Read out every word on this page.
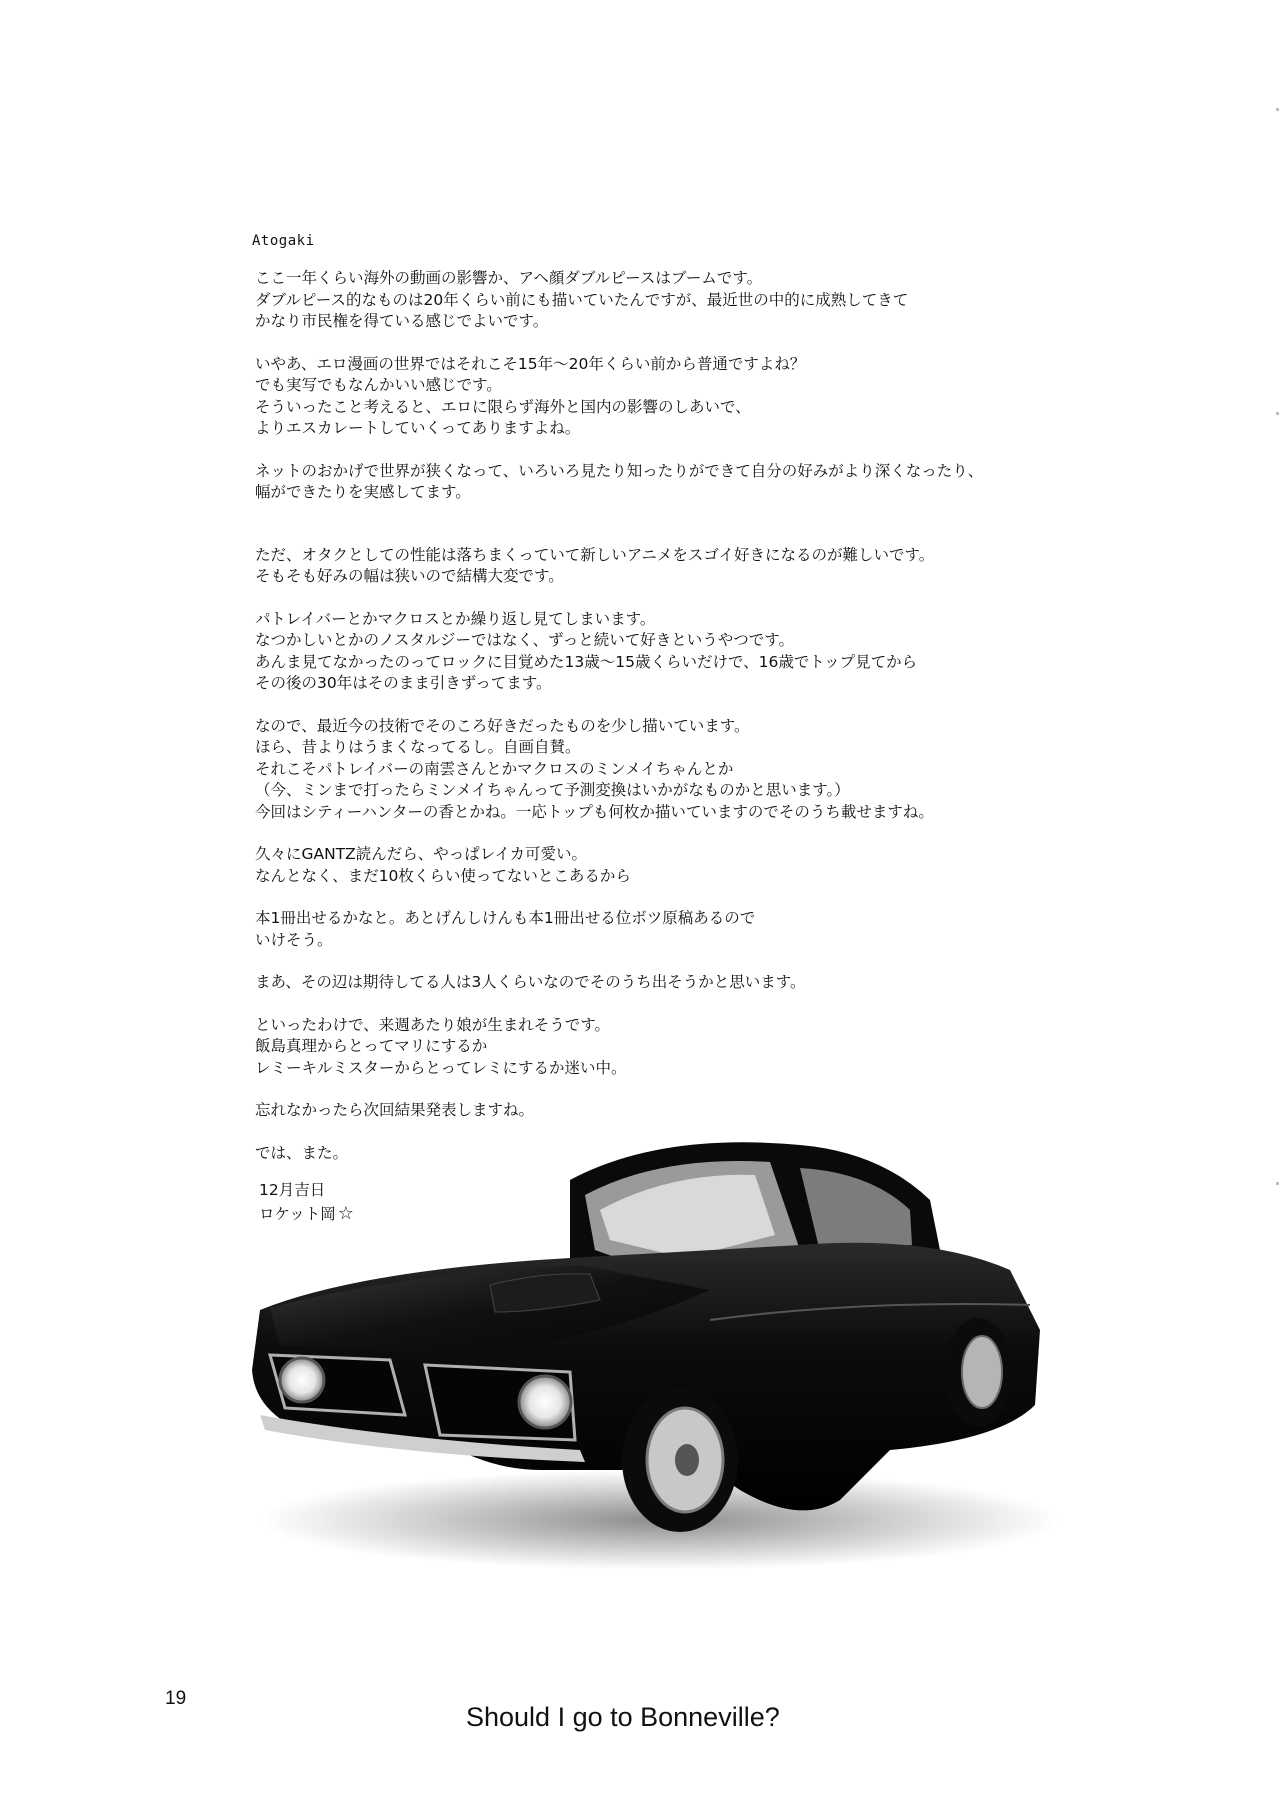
Atogaki
ここ一年くらい海外の動画の影響か、アヘ顔ダブルピースはブームです。
ダブルピース的なものは20年くらい前にも描いていたんですが、最近世の中的に成熟してきて
かなり市民権を得ている感じでよいです。
いやあ、エロ漫画の世界ではそれこそ15年〜20年くらい前から普通ですよね？
でも実写でもなんかいい感じです。
そういったこと考えると、エロに限らず海外と国内の影響のしあいで、
よりエスカレートしていくってありますよね。
ネットのおかげで世界が狭くなって、いろいろ見たり知ったりができて自分の好みがより深くなったり、
幅ができたりを実感してます。
ただ、オタクとしての性能は落ちまくっていて新しいアニメをスゴイ好きになるのが難しいです。
そもそも好みの幅は狭いので結構大変です。
パトレイバーとかマクロスとか繰り返し見てしまいます。
なつかしいとかのノスタルジーではなく、ずっと続いて好きというやつです。
あんま見てなかったのってロックに目覚めた13歳〜15歳くらいだけで、16歳でトップ見てから
その後の30年はそのまま引きずってます。
なので、最近今の技術でそのころ好きだったものを少し描いています。
ほら、昔よりはうまくなってるし。自画自賛。
それこそパトレイバーの南雲さんとかマクロスのミンメイちゃんとか
（今、ミンまで打ったらミンメイちゃんって予測変換はいかがなものかと思います。）
今回はシティーハンターの香とかね。一応トップも何枚か描いていますのでそのうち載せますね。
久々にGANTZ読んだら、やっぱレイカ可愛い。
なんとなく、まだ10枚くらい使ってないとこあるから
本1冊出せるかなと。あとげんしけんも本1冊出せる位ボツ原稿あるので
いけそう。
まあ、その辺は期待してる人は3人くらいなのでそのうち出そうかと思います。
といったわけで、来週あたり娘が生まれそうです。
飯島真理からとってマリにするか
レミーキルミスターからとってレミにするか迷い中。
忘れなかったら次回結果発表しますね。
では、また。
12月吉日
ロケット岡 ☆
19
Should I go to Bonneville?
